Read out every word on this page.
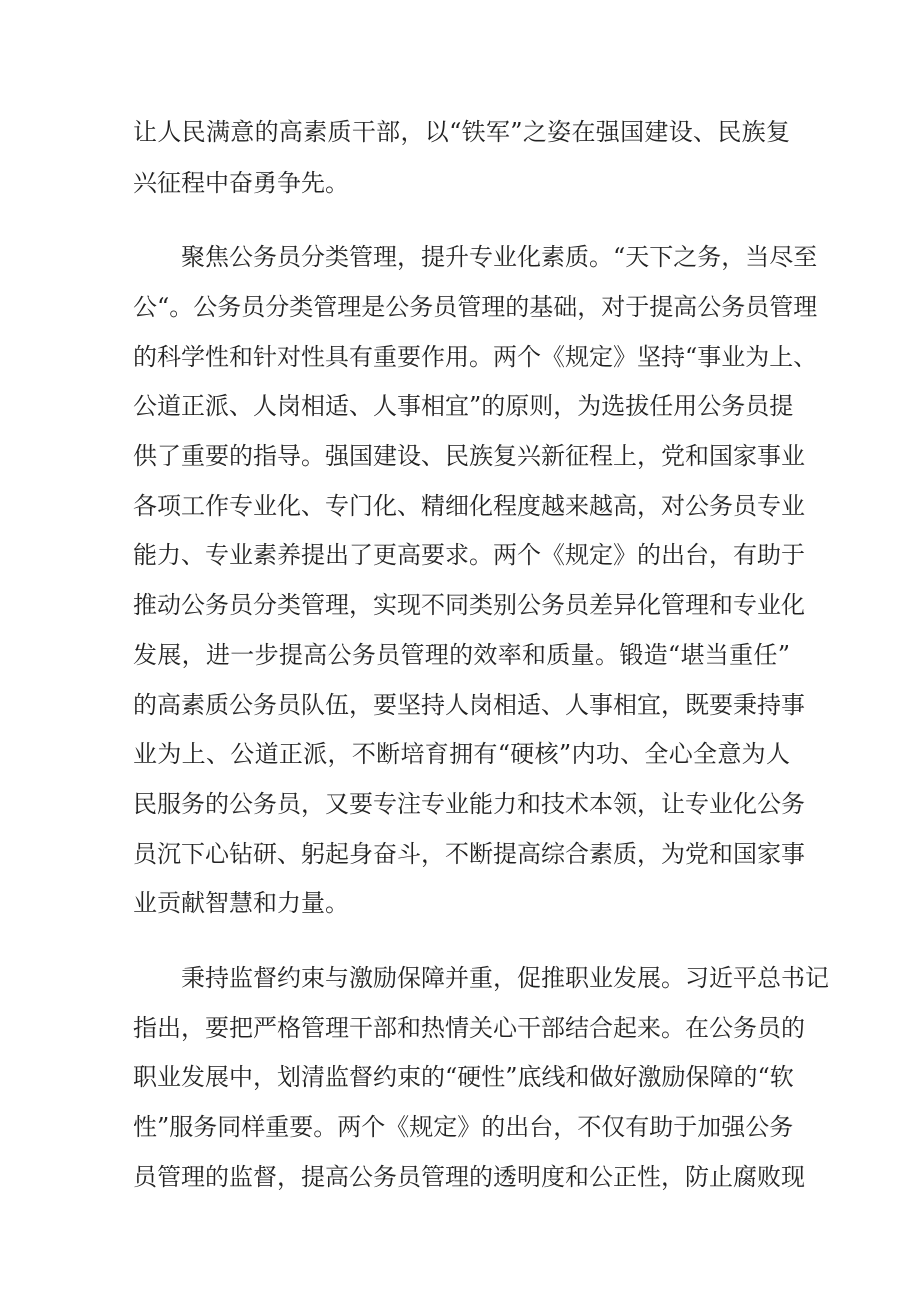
让人民满意的高素质干部，以“铁军”之姿在强国建设、民族复
兴征程中奋勇争先。
聚焦公务员分类管理，提升专业化素质。“天下之务，当尽至
公“。公务员分类管理是公务员管理的基础，对于提高公务员管理
的科学性和针对性具有重要作用。两个《规定》坚持“事业为上、
公道正派、人岗相适、人事相宜”的原则，为选拔任用公务员提
供了重要的指导。强国建设、民族复兴新征程上，党和国家事业
各项工作专业化、专门化、精细化程度越来越高，对公务员专业
能力、专业素养提出了更高要求。两个《规定》的出台，有助于
推动公务员分类管理，实现不同类别公务员差异化管理和专业化
发展，进一步提高公务员管理的效率和质量。锻造“堪当重任”
的高素质公务员队伍，要坚持人岗相适、人事相宜，既要秉持事
业为上、公道正派，不断培育拥有“硬核”内功、全心全意为人
民服务的公务员，又要专注专业能力和技术本领，让专业化公务
员沉下心钻研、躬起身奋斗，不断提高综合素质，为党和国家事
业贡献智慧和力量。
秉持监督约束与激励保障并重，促推职业发展。习近平总书记
指出，要把严格管理干部和热情关心干部结合起来。在公务员的
职业发展中，划清监督约束的“硬性”底线和做好激励保障的“软
性”服务同样重要。两个《规定》的出台，不仅有助于加强公务
员管理的监督，提高公务员管理的透明度和公正性，防止腐败现
